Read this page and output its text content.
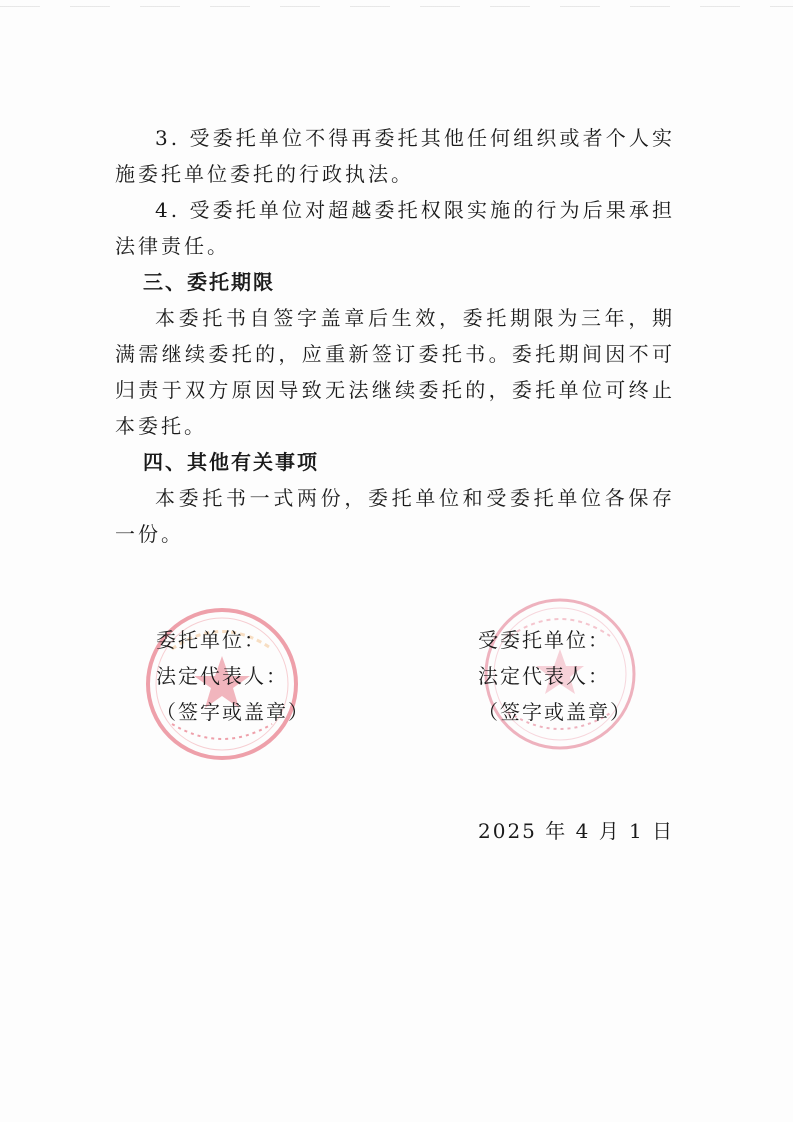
3. 受委托单位不得再委托其他任何组织或者个人实施委托单位委托的行政执法。

4. 受委托单位对超越委托权限实施的行为后果承担法律责任。

三、委托期限

本委托书自签字盖章后生效，委托期限为三年，期满需继续委托的，应重新签订委托书。委托期间因不可归责于双方原因导致无法继续委托的，委托单位可终止本委托。

四、其他有关事项

本委托书一式两份，委托单位和受委托单位各保存一份。

委托单位：
法定代表人：
（签字或盖章）
受委托单位：
法定代表人：
（签字或盖章）
2025 年 4 月 1 日
